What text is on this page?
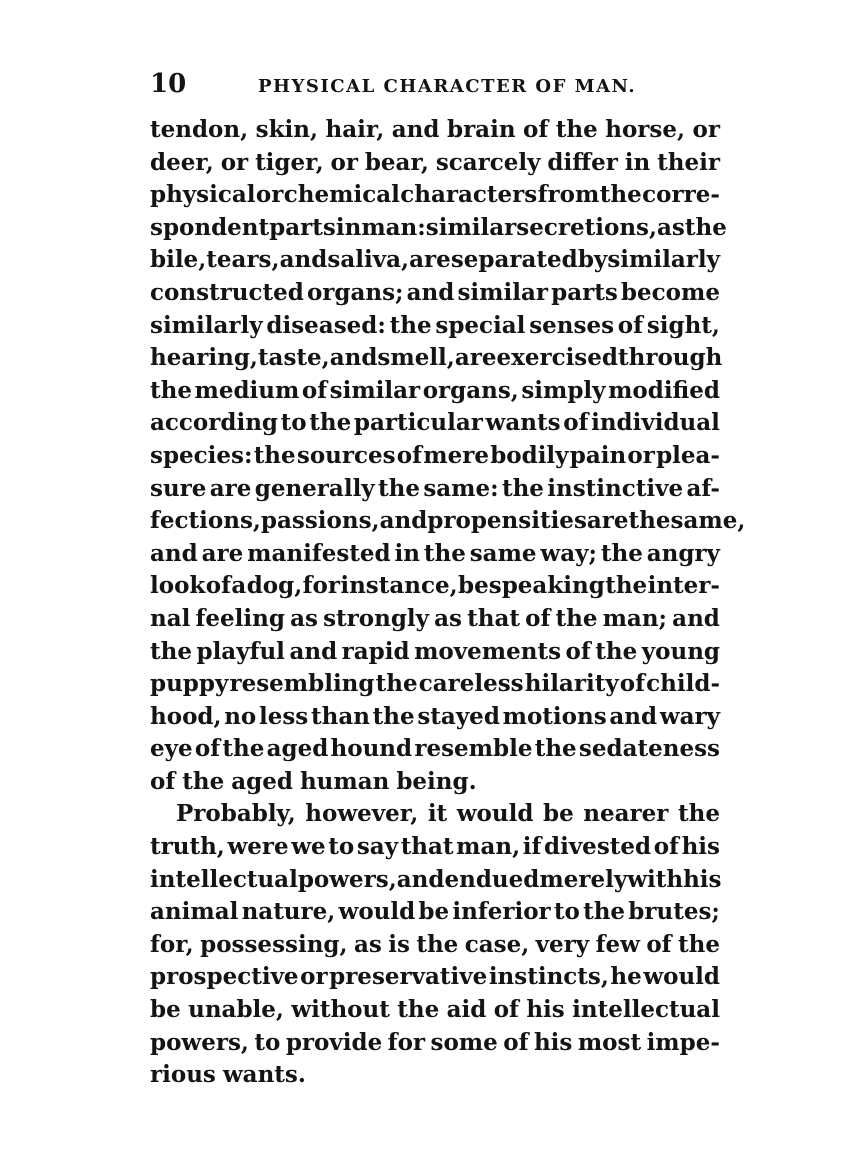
10	PHYSICAL CHARACTER OF MAN.
tendon, skin, hair, and brain of the horse, or
deer, or tiger, or bear, scarcely differ in their
physical or chemical characters from the corre-
spondent parts in man: similar secretions, as the
bile, tears, and saliva, are separated by similarly
constructed organs; and similar parts become
similarly diseased: the special senses of sight,
hearing, taste, and smell, are exercised through
the medium of similar organs, simply modified
according to the particular wants of individual
species: the sources of mere bodily pain or plea-
sure are generally the same: the instinctive af-
fections, passions, and propensities are the same,
and are manifested in the same way; the angry
look of a dog, for instance, bespeaking the inter-
nal feeling as strongly as that of the man; and
the playful and rapid movements of the young
puppy resembling the careless hilarity of child-
hood, no less than the stayed motions and wary
eye of the aged hound resemble the sedateness
of the aged human being.
Probably, however, it would be nearer the
truth, were we to say that man, if divested of his
intellectual powers, and endued merely with his
animal nature, would be inferior to the brutes;
for, possessing, as is the case, very few of the
prospective or preservative instincts, he would
be unable, without the aid of his intellectual
powers, to provide for some of his most impe-
rious wants.
